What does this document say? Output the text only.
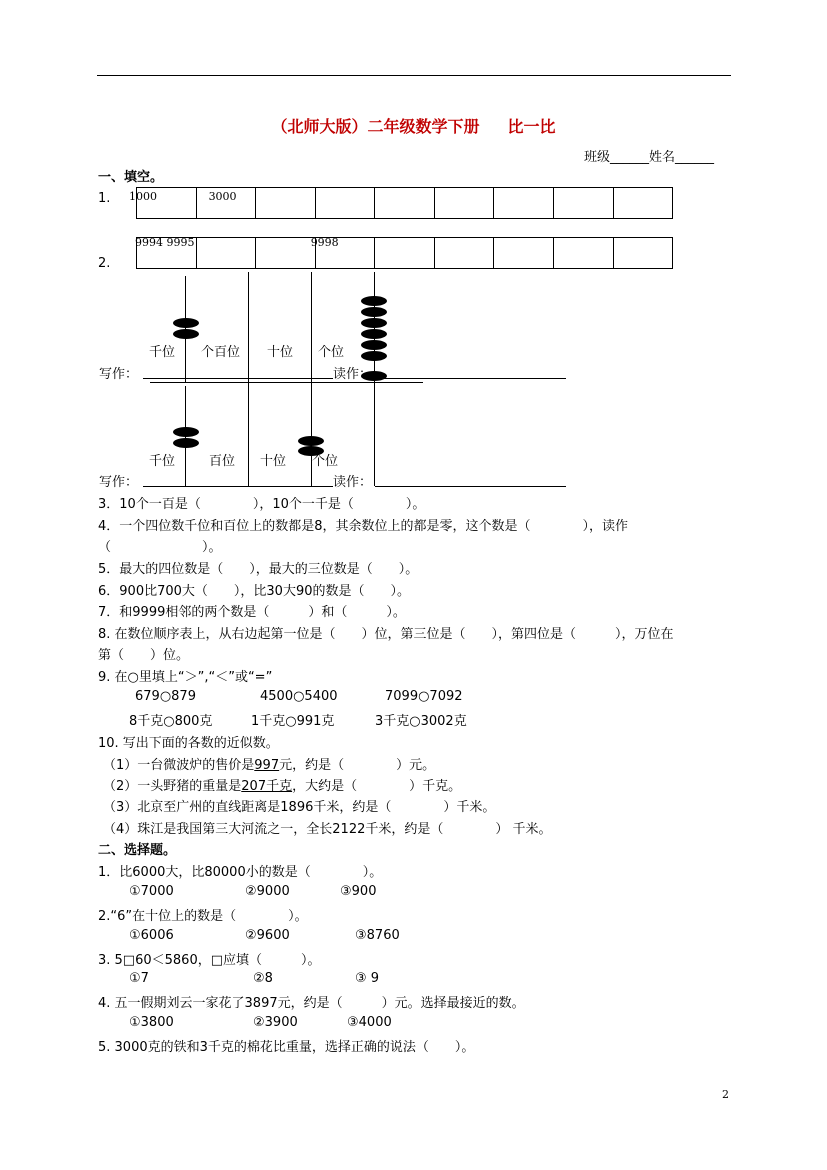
（北师大版）二年级数学下册 比一比
班级______姓名______
一、填空。
1. 1000	3000
2.
9994 9995	9998
千位 个百位 十位 个位
写作：	读作：
千位	百位 十位 个位
写作：	读作：
3．10个一百是（　　　　），10个一千是（　　　　）。
4．一个四位数千位和百位上的数都是8，其余数位上的都是零，这个数是（　　　　），读作
（　　　　　　　）。
5．最大的四位数是（　　），最大的三位数是（　　）。
6．900比700大（　　），比30大90的数是（　　）。
7．和9999相邻的两个数是（　　　）和（　　　）。
8. 在数位顺序表上，从右边起第一位是（　　）位，第三位是（　　），第四位是（　　　），万位在
第（　　）位。
9. 在○里填上“＞”,“＜”或“=”
679○879	4500○5400	7099○7092
8千克○800克	1千克○991克	3千克○3002克
10. 写出下面的各数的近似数。
（1）一台微波炉的售价是997元，约是（　　　　）元。
（2）一头野猪的重量是207千克，大约是（　　　　）千克。
（3）北京至广州的直线距离是1896千米，约是（　　　　）千米。
（4）珠江是我国第三大河流之一，全长2122千米，约是（　　　　） 千米。
二、选择题。
1．比6000大，比80000小的数是（　　　　）。
①7000	②9000	③900
2.“6”在十位上的数是（　　　　）。
①6006	②9600	③8760
3. 5□60＜5860，□应填（　　　）。
①7	②8	③ 9
4. 五一假期刘云一家花了3897元，约是（　　　）元。选择最接近的数。
①3800	②3900	③4000
5. 3000克的铁和3千克的棉花比重量，选择正确的说法（　　）。
2
